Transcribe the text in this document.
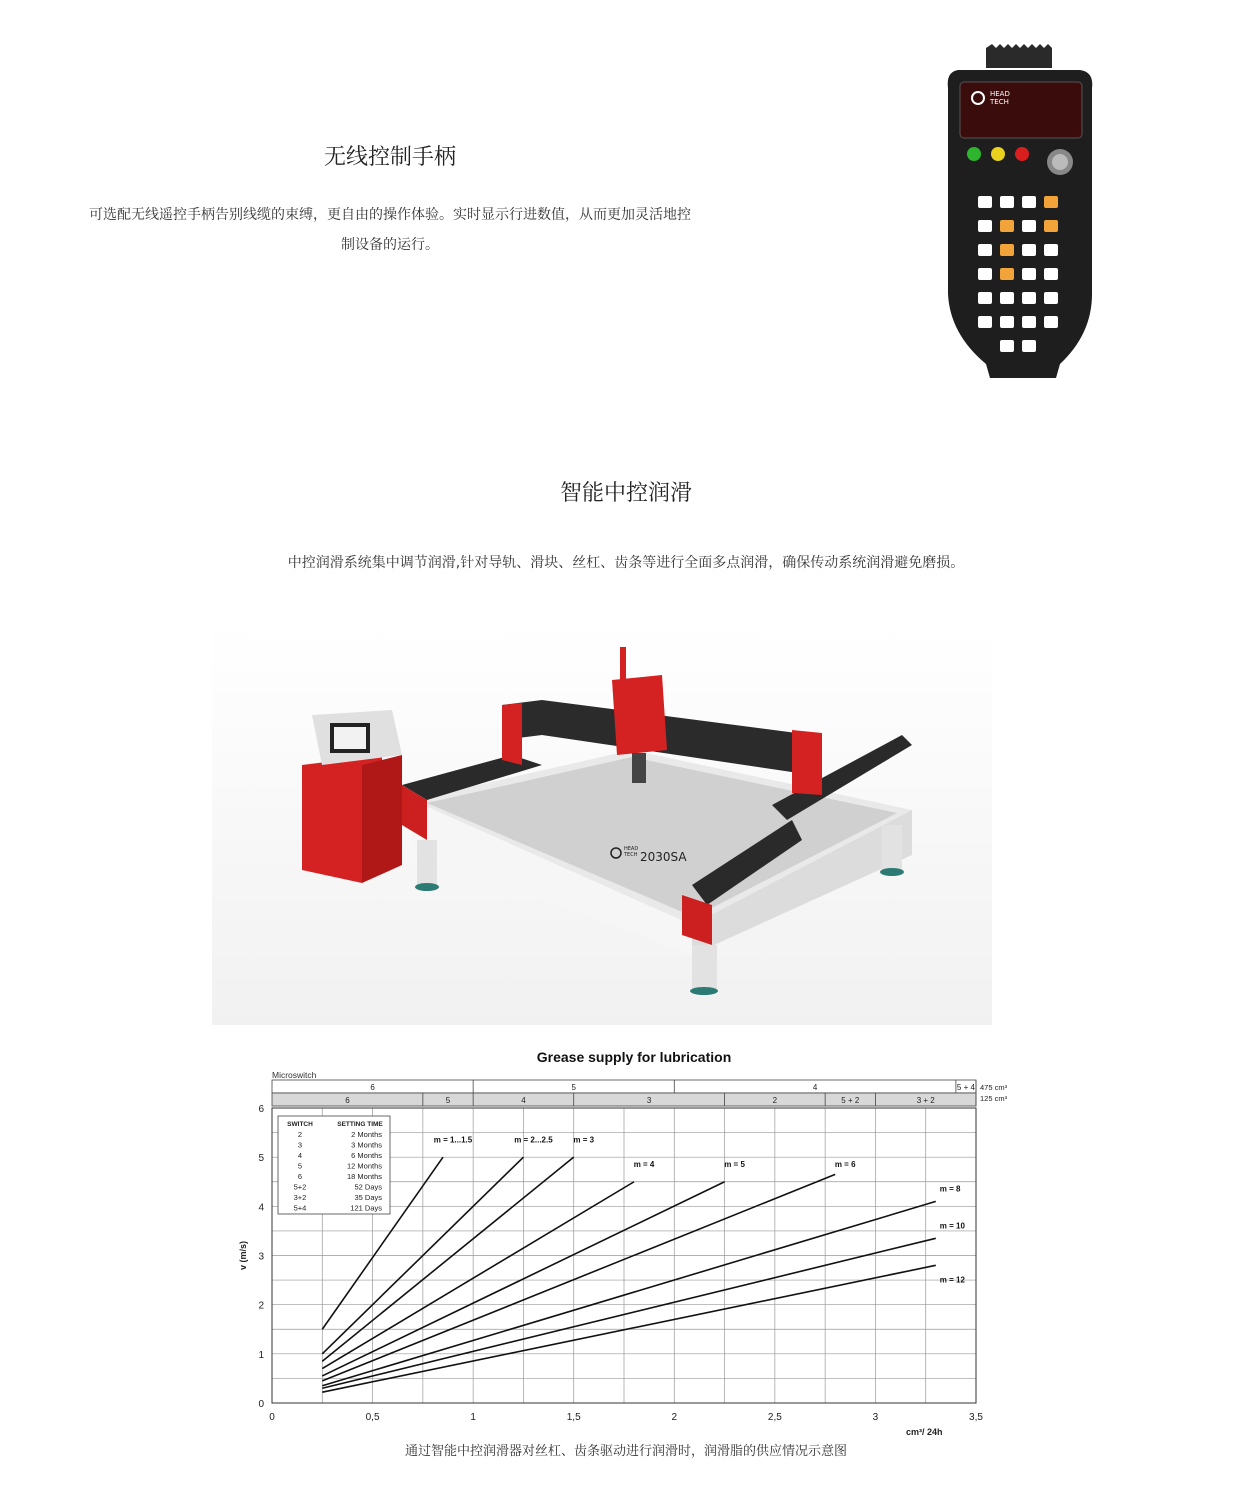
无线控制手柄
可选配无线遥控手柄告别线缆的束缚，更自由的操作体验。实时显示行进数值，从而更加灵活地控
制设备的运行。
HEAD
TECH
智能中控润滑
中控润滑系统集中调节润滑,针对导轨、滑块、丝杠、齿条等进行全面多点润滑，确保传动系统润滑避免磨损。
HEAD
TECH 2030SA
Grease supply for lubrication
Microswitch
6	5	4	5 + 4
6	5	4	3	2	5 + 2	3 + 2
475 cm³
125 cm³
0	0,5	1	1,5	2	2,5	3	3,5
0
1
2
3
4
5
6
cm³/ 24h
v (m/s)
SWITCH	SETTING TIME
2	2 Months
3	3 Months
4	6 Months
5	12 Months
6	18 Months
5+2	52 Days
3+2	35 Days
5+4	121 Days
m = 1...1.5	m = 2...2.5	m = 3
m = 4	m = 5	m = 6
m = 8
m = 10
m = 12
通过智能中控润滑器对丝杠、齿条驱动进行润滑时，润滑脂的供应情况示意图
